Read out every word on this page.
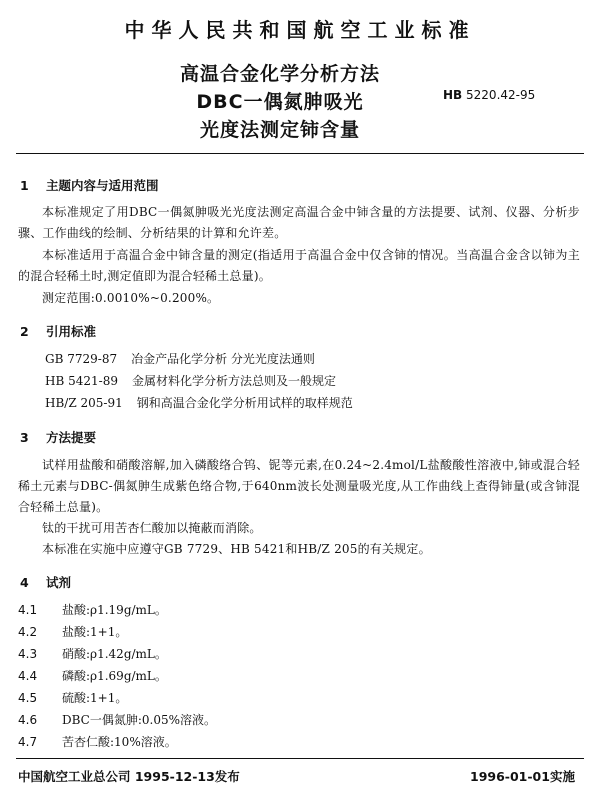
中华人民共和国航空工业标准
高温合金化学分析方法
DBC一偶氮胂吸光
光度法测定铈含量
HB 5220.42-95
1 主题内容与适用范围
本标准规定了用DBC一偶氮胂吸光光度法测定高温合金中铈含量的方法提要、试剂、仪器、分析步骤、工作曲线的绘制、分析结果的计算和允许差。
本标准适用于高温合金中铈含量的测定(指适用于高温合金中仅含铈的情况。当高温合金含以铈为主的混合轻稀土时,测定值即为混合轻稀土总量)。
测定范围:0.0010%~0.200%。
2 引用标准
GB 7729-87 冶金产品化学分析 分光光度法通则
HB 5421-89 金属材料化学分析方法总则及一般规定
HB/Z 205-91 钢和高温合金化学分析用试样的取样规范
3 方法提要
试样用盐酸和硝酸溶解,加入磷酸络合钨、铌等元素,在0.24~2.4mol/L盐酸酸性溶液中,铈或混合轻稀土元素与DBC-偶氮胂生成紫色络合物,于640nm波长处测量吸光度,从工作曲线上查得铈量(或含铈混合轻稀土总量)。
钛的干扰可用苦杏仁酸加以掩蔽而消除。
本标准在实施中应遵守GB 7729、HB 5421和HB/Z 205的有关规定。
4 试剂
4.1 盐酸:ρ1.19g/mL。
4.2 盐酸:1+1。
4.3 硝酸:ρ1.42g/mL。
4.4 磷酸:ρ1.69g/mL。
4.5 硫酸:1+1。
4.6 DBC一偶氮胂:0.05%溶液。
4.7 苦杏仁酸:10%溶液。
中国航空工业总公司 1995-12-13发布	1996-01-01实施
